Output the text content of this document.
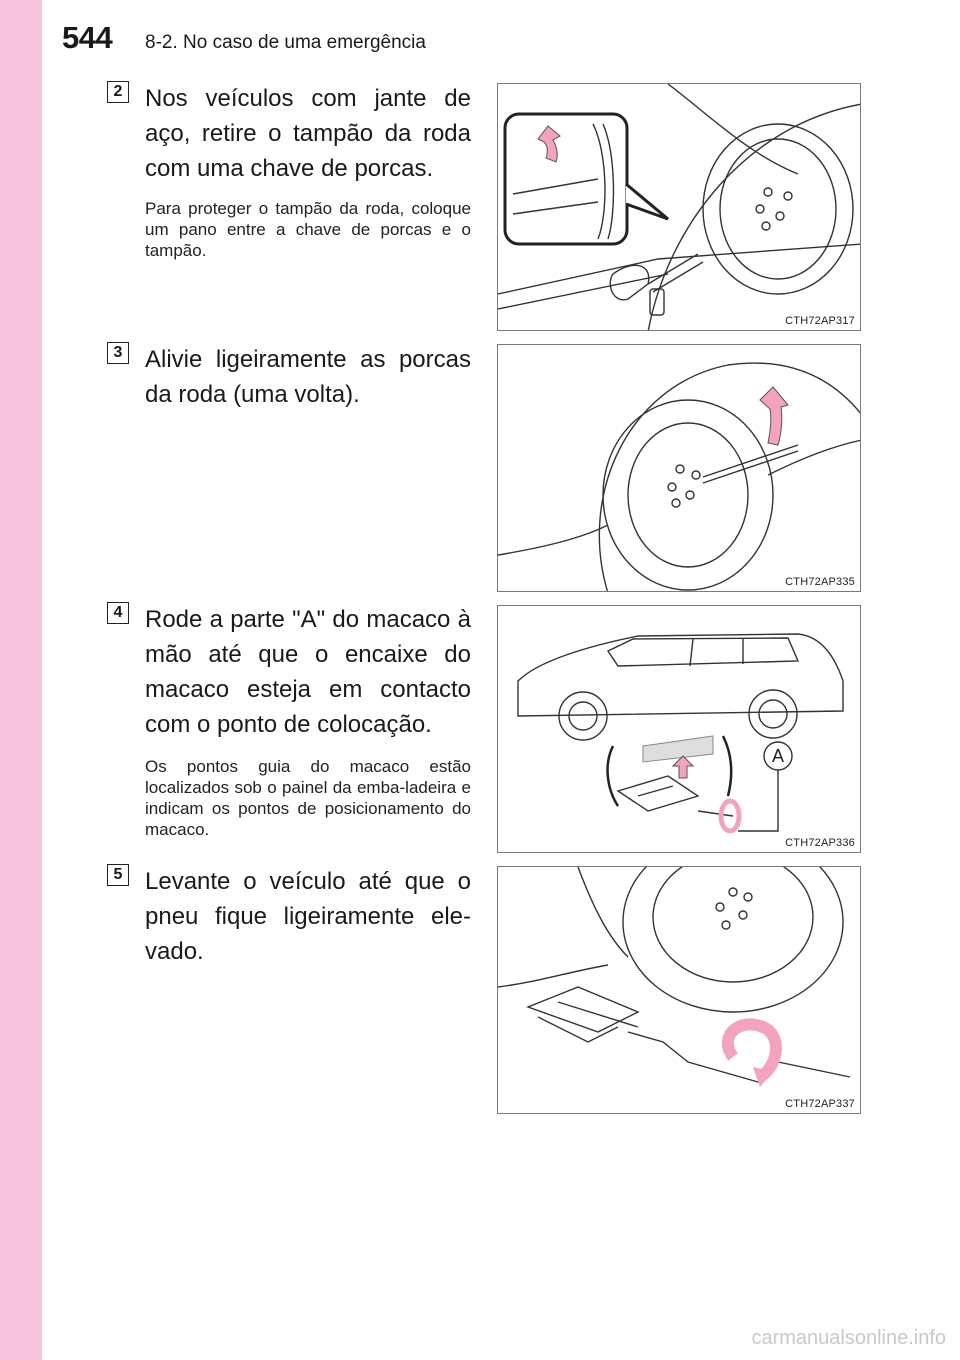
544 8-2. No caso de uma emergência
2 Nos veículos com jante de aço, retire o tampão da roda com uma chave de porcas.
Para proteger o tampão da roda, coloque um pano entre a chave de porcas e o tampão.
CTH72AP317
3 Alivie ligeiramente as porcas da roda (uma volta).
CTH72AP335
4 Rode a parte "A" do macaco à mão até que o encaixe do macaco esteja em contacto com o ponto de colocação.
Os pontos guia do macaco estão localizados sob o painel da emba-ladeira e indicam os pontos de posicionamento do macaco.
A
CTH72AP336
5 Levante o veículo até que o pneu fique ligeiramente ele-vado.
CTH72AP337
carmanualsonline.info
